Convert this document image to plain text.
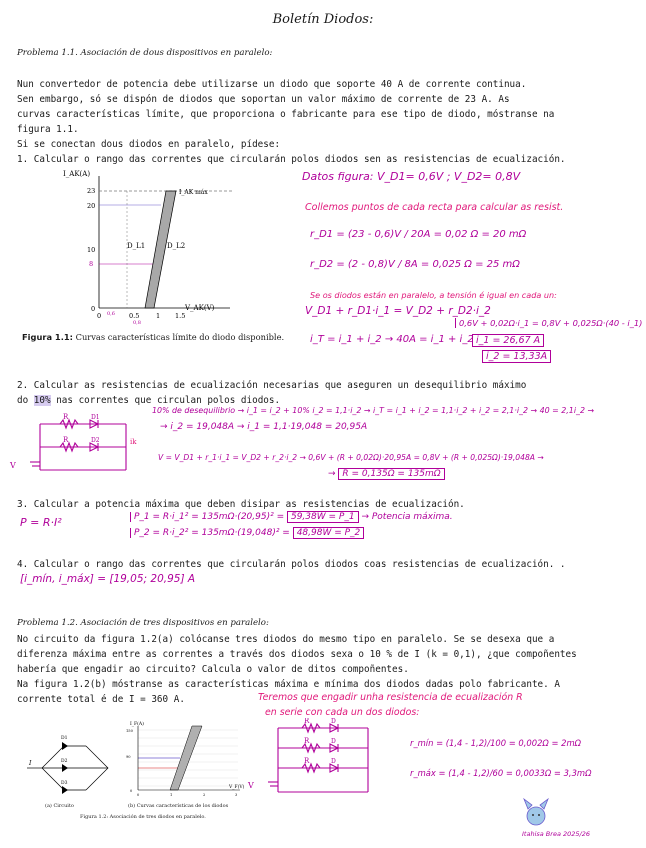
Boletín Diodos:
Problema 1.1. Asociación de dous dispositivos en paralelo:

Nun convertedor de potencia debe utilizarse un diodo que soporte 40 A de corrente continua.
Sen embargo, só se dispón de diodos que soportan un valor máximo de corrente de 23 A. As
curvas características límite, que proporciona o fabricante para ese tipo de diodo, móstranse na
figura 1.1.
Si se conectan dous diodos en paralelo, pídese:
1. Calcular o rango das correntes que circularán polos diodos sen as resistencias de ecualización.
I_AK(A)
V_AK(V)
I_AK máx
D_L1	D_L2
23
20
10
8
0
0	0.5	1 1.5
0,6
0,8
Figura 1.1: Curvas características límite do diodo disponible.
Datos figura: V_D1= 0,6V ; V_D2= 0,8V
Collemos puntos de cada recta para calcular as resist.
r_D1 = (23 - 0,6)V / 20A = 0,02 Ω = 20 mΩ
r_D2 = (2 - 0,8)V / 8A = 0,025 Ω = 25 mΩ
Se os diodos están en paralelo, a tensión é igual en cada un:
V_D1 + r_D1·i_1 = V_D2 + r_D2·i_2
i_T = i_1 + i_2 → 40A = i_1 + i_2
0,6V + 0,02Ω·i_1 = 0,8V + 0,025Ω·(40 - i_1)
i_1 = 26,67 A
i_2 = 13,33A
2. Calcular as resistencias de ecualización necesarias que aseguren un desequilibrio máximo
do 10% nas correntes que circulan polos diodos.
R
R
D1
D2	ik
V
10% de desequilibrio → i_1 = i_2 + 10% i_2 = 1,1·i_2 → i_T = i_1 + i_2 = 1,1·i_2 + i_2 = 2,1·i_2 → 40 = 2,1i_2 →
→ i_2 = 19,048A → i_1 = 1,1·19,048 = 20,95A
V = V_D1 + r_1·i_1 = V_D2 + r_2·i_2 → 0,6V + (R + 0,02Ω)·20,95A = 0,8V + (R + 0,025Ω)·19,048A →
→ R = 0,135Ω = 135mΩ
3. Calcular a potencia máxima que deben disipar as resistencias de ecualización.
P = R·I²	P_1 = R·i_1² = 135mΩ·(20,95)² = 59,38W = P_1 → Potencia máxima.
P_2 = R·i_2² = 135mΩ·(19,048)² = 48,98W = P_2
4. Calcular o rango das correntes que circularán polos diodos coas resistencias de ecualización. .
[i_mín, i_máx] = [19,05; 20,95] A
Problema 1.2. Asociación de tres dispositivos en paralelo:
No circuito da figura 1.2(a) colócanse tres diodos do mesmo tipo en paralelo. Se se desexa que a
diferenza máxima entre as correntes a través dos diodos sexa o 10 % de I (k = 0,1), ¿que compoñentes
habería que engadir ao circuito? Calcula o valor de ditos compoñentes.
Na figura 1.2(b) móstranse as características máxima e mínima dos diodos dadas polo fabricante. A
corrente total é de I = 360 A.
D1
D2
D3
I
(a) Circuito
I_F(A)
V_F(V)
150
90
0
0	1	2	3
(b) Curvas características de los diodos
Figura 1.2: Asociación de tres diodos en paralelo.
Teremos que engadir unha resistencia de ecualización R
en serie con cada un dos diodos:
R
R
R
D
D
D
V
r_mín = (1,4 - 1,2)/100 = 0,002Ω = 2mΩ
r_máx = (1,4 - 1,2)/60 = 0,0033Ω = 3,3mΩ
Itahisa Brea 2025/26
